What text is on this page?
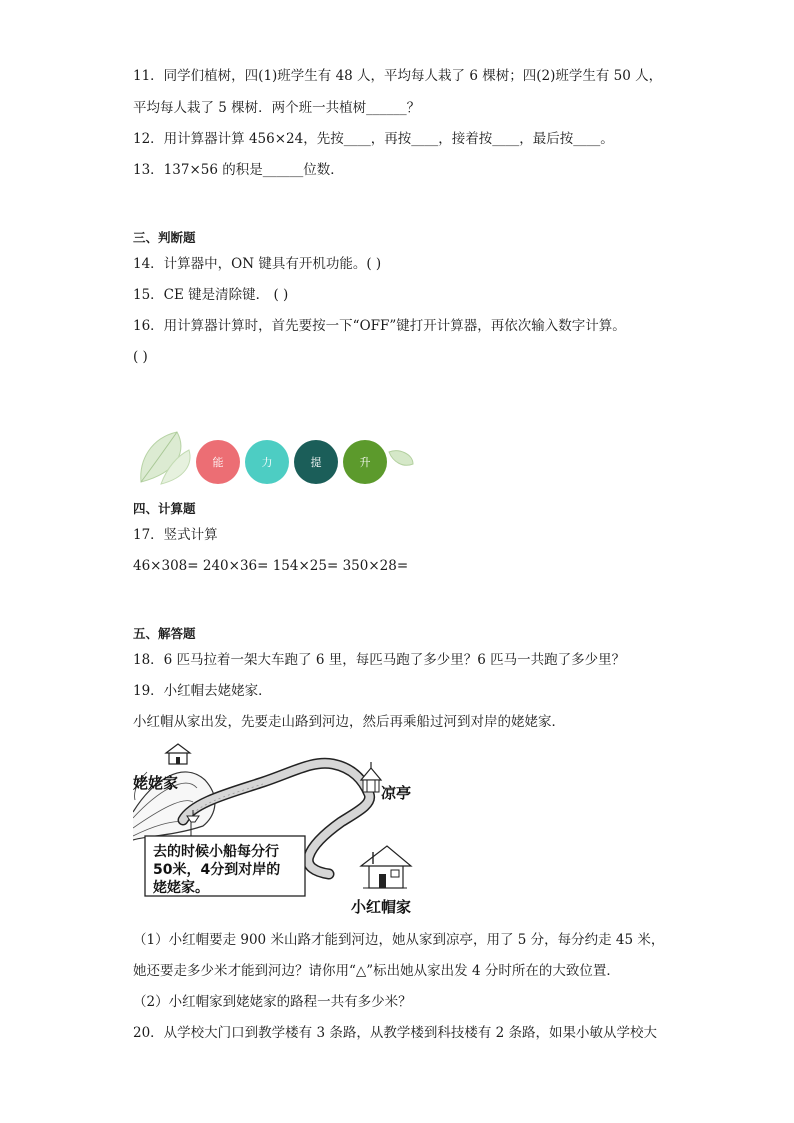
11．同学们植树，四(1)班学生有 48 人，平均每人栽了 6 棵树；四(2)班学生有 50 人，
平均每人栽了 5 棵树．两个班一共植树______？
12．用计算器计算 456×24，先按____，再按____，接着按____，最后按____。
13．137×56 的积是______位数．
三、判断题
14．计算器中，ON 键具有开机功能。( )
15．CE 键是清除键． ( )
16．用计算器计算时，首先要按一下“OFF”键打开计算器，再依次输入数字计算。
( )
能	力	提	升
四、计算题
17．竖式计算
46×308= 240×36= 154×25= 350×28=
五、解答题
18．6 匹马拉着一架大车跑了 6 里，每匹马跑了多少里？6 匹马一共跑了多少里？
19．小红帽去姥姥家．
小红帽从家出发，先要走山路到河边，然后再乘船过河到对岸的姥姥家．
姥姥家
凉亭
小红帽家
去的时候小船每分行
50米，4分到对岸的
姥姥家。
（1）小红帽要走 900 米山路才能到河边，她从家到凉亭，用了 5 分，每分约走 45 米，
她还要走多少米才能到河边？请你用“△”标出她从家出发 4 分时所在的大致位置．
（2）小红帽家到姥姥家的路程一共有多少米？
20．从学校大门口到教学楼有 3 条路，从教学楼到科技楼有 2 条路，如果小敏从学校大
